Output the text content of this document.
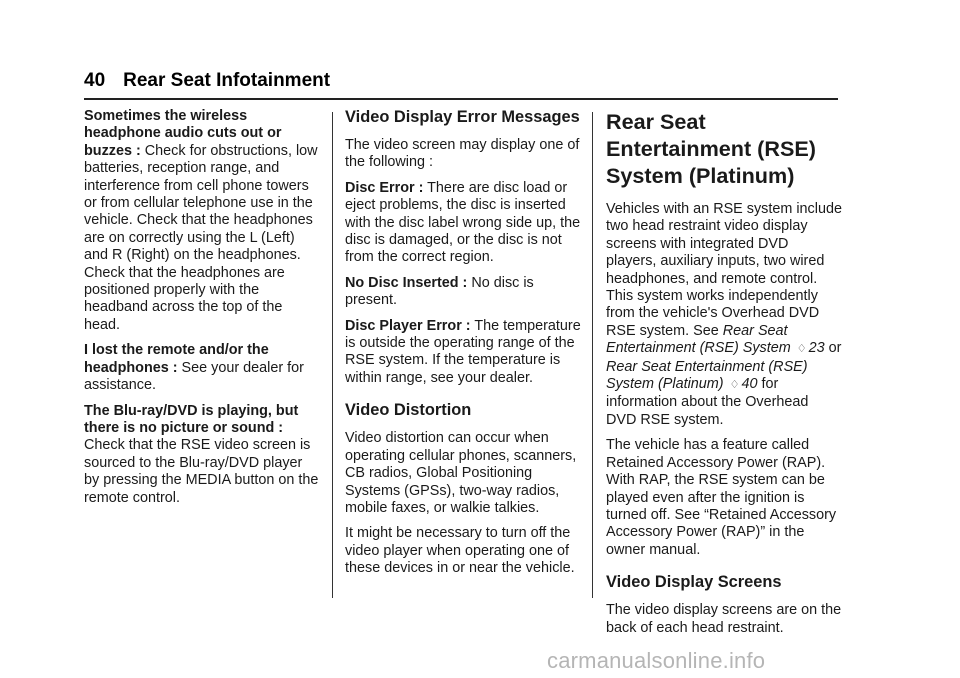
40 Rear Seat Infotainment

Sometimes the wireless headphone audio cuts out or buzzes : Check for obstructions, low batteries, reception range, and interference from cell phone towers or from cellular telephone use in the vehicle. Check that the headphones are on correctly using the L (Left) and R (Right) on the headphones. Check that the headphones are positioned properly with the headband across the top of the head.

I lost the remote and/or the headphones : See your dealer for assistance.

The Blu-ray/DVD is playing, but there is no picture or sound : Check that the RSE video screen is sourced to the Blu-ray/DVD player by pressing the MEDIA button on the remote control.

Video Display Error Messages

The video screen may display one of the following :

Disc Error : There are disc load or eject problems, the disc is inserted with the disc label wrong side up, the disc is damaged, or the disc is not from the correct region.

No Disc Inserted : No disc is present.

Disc Player Error : The temperature is outside the operating range of the RSE system. If the temperature is within range, see your dealer.

Video Distortion

Video distortion can occur when operating cellular phones, scanners, CB radios, Global Positioning Systems (GPSs), two-way radios, mobile faxes, or walkie talkies.

It might be necessary to turn off the video player when operating one of these devices in or near the vehicle.

Rear Seat Entertainment (RSE) System (Platinum)

Vehicles with an RSE system include two head restraint video display screens with integrated DVD players, auxiliary inputs, two wired headphones, and remote control. This system works independently from the vehicle's Overhead DVD RSE system. See Rear Seat Entertainment (RSE) System ♢ 23 or Rear Seat Entertainment (RSE) System (Platinum) ♢ 40 for information about the Overhead DVD RSE system.

The vehicle has a feature called Retained Accessory Power (RAP). With RAP, the RSE system can be played even after the ignition is turned off. See “Retained Accessory Accessory Power (RAP)” in the owner manual.

Video Display Screens

The video display screens are on the back of each head restraint.

carmanualsonline.info
